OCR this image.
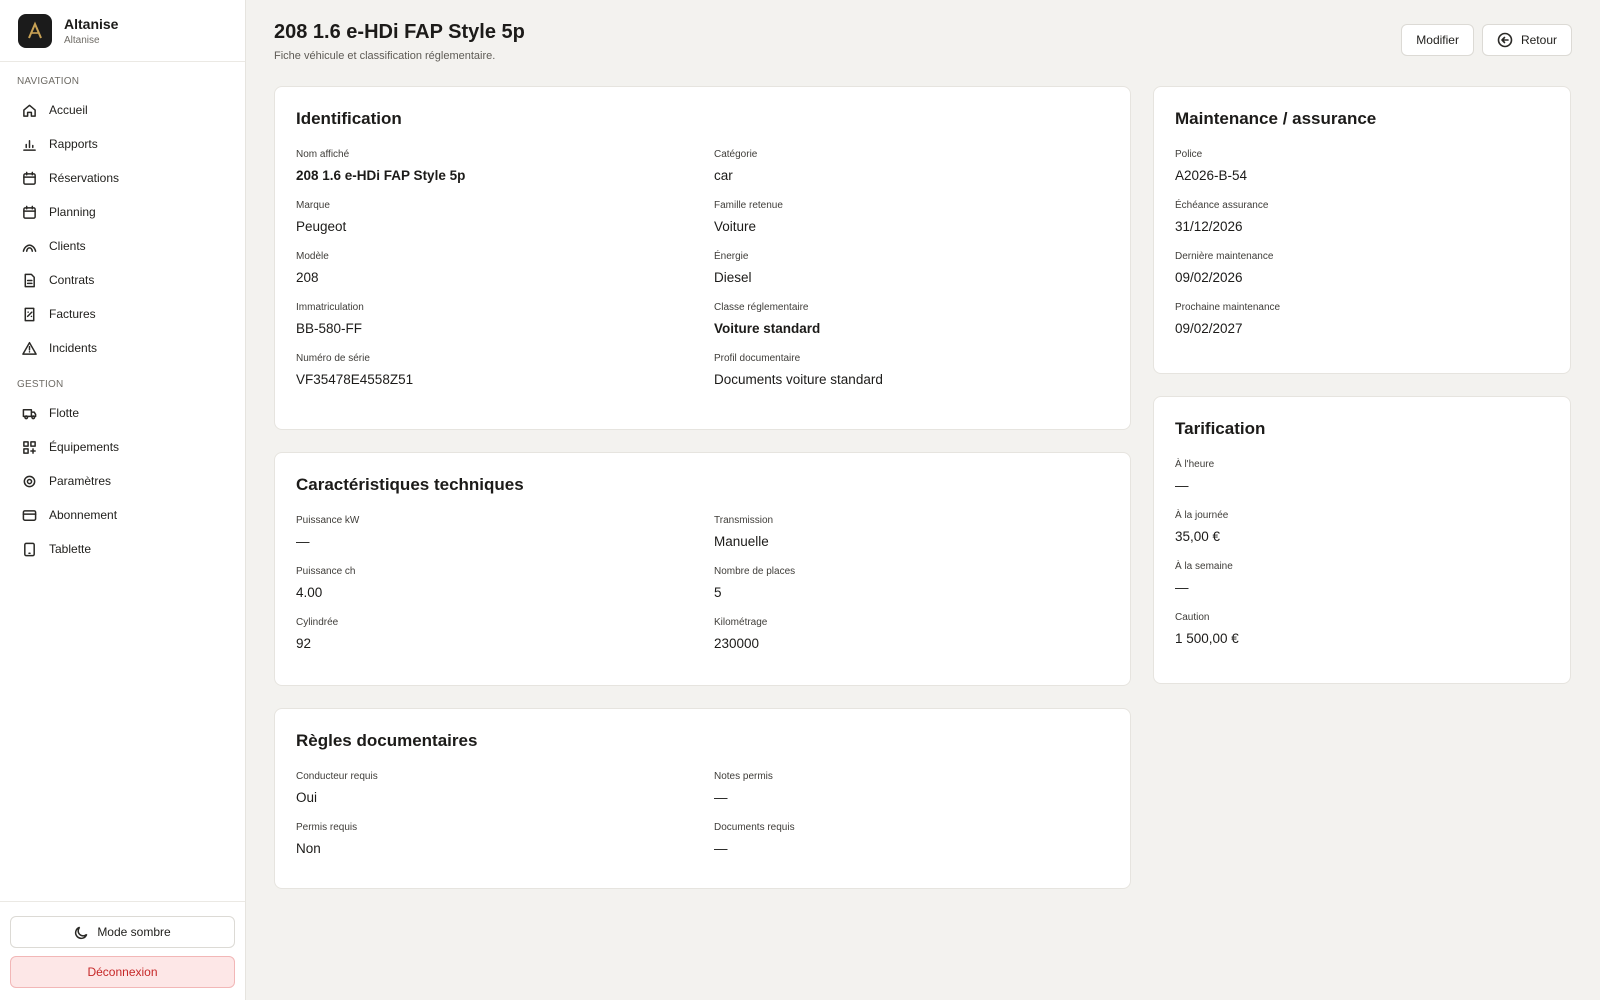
Altanise
Altanise
NAVIGATION
Accueil
Rapports
Réservations
Planning
Clients
Contrats
Factures
Incidents
GESTION
Flotte
Équipements
Paramètres
Abonnement
Tablette
Mode sombre
Déconnexion
208 1.6 e-HDi FAP Style 5p

Fiche véhicule et classification réglementaire.

Modifier	Retour
Identification
Nom affiché
208 1.6 e-HDi FAP Style 5p
Catégorie
car
Marque
Peugeot
Famille retenue
Voiture
Modèle
208
Énergie
Diesel
Immatriculation
BB-580-FF
Classe réglementaire
Voiture standard
Numéro de série
VF35478E4558Z51
Profil documentaire
Documents voiture standard
Caractéristiques techniques
Puissance kW
—
Transmission
Manuelle
Puissance ch
4.00
Nombre de places
5
Cylindrée
92
Kilométrage
230000
Règles documentaires
Conducteur requis
Oui
Notes permis
—
Permis requis
Non
Documents requis
—
Maintenance / assurance
Police
A2026-B-54
Échéance assurance
31/12/2026
Dernière maintenance
09/02/2026
Prochaine maintenance
09/02/2027
Tarification
À l'heure
—
À la journée
35,00 €
À la semaine
—
Caution
1 500,00 €
